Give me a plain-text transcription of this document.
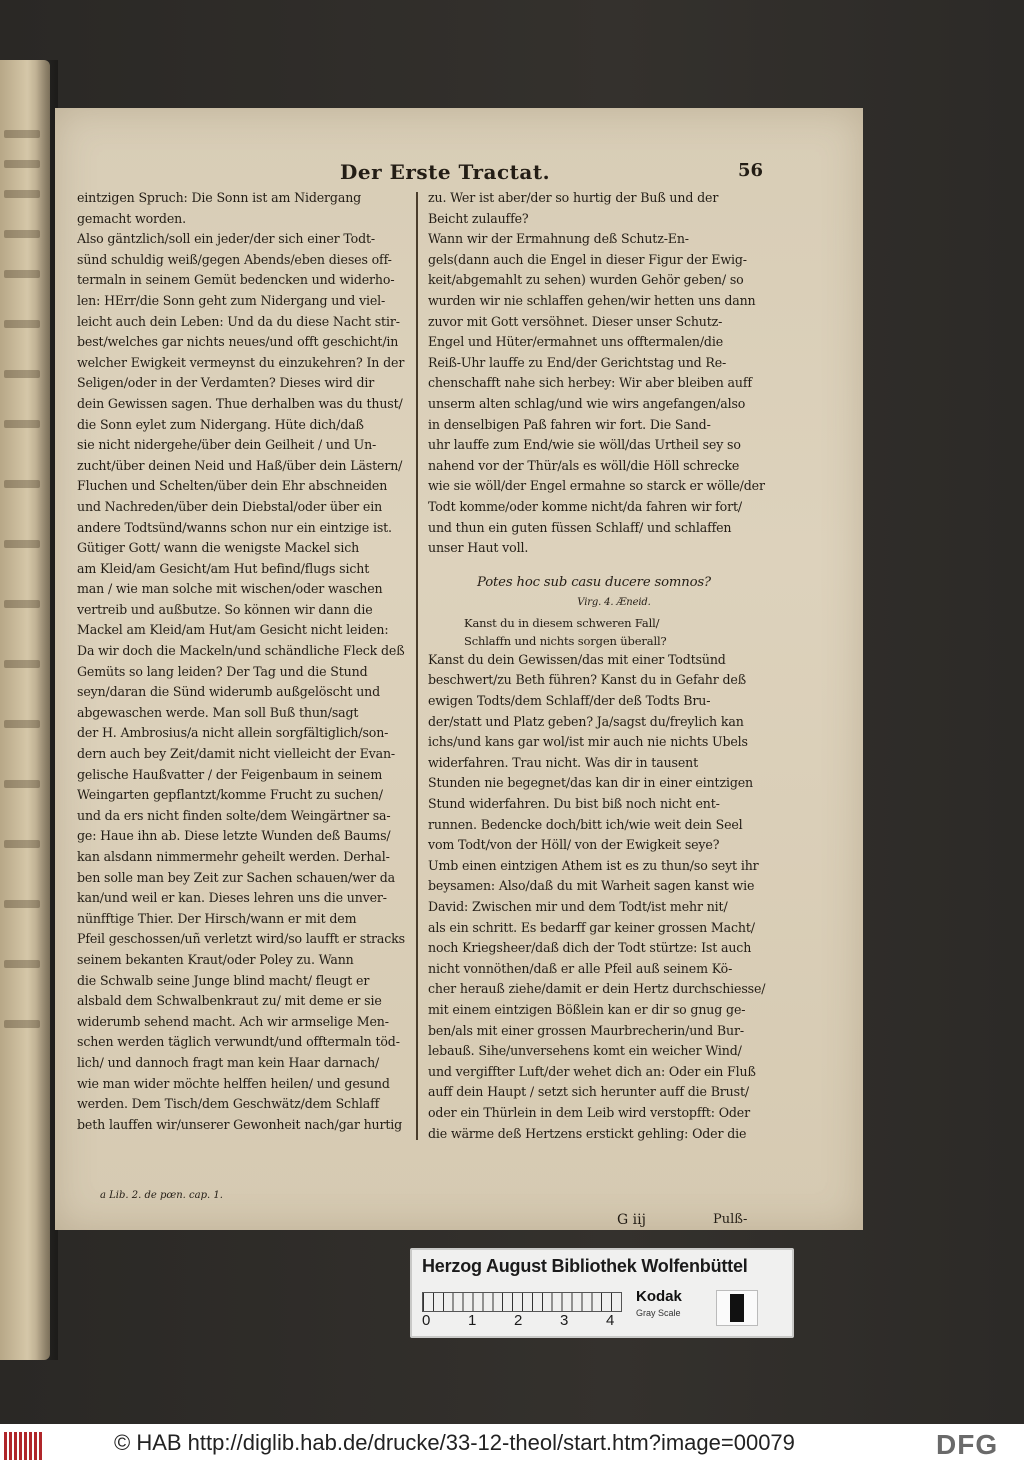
Der Erste Tractat.	56
eintzigen Spruch: Die Sonn ist am Nidergang
gemacht worden.
Also gäntzlich/soll ein jeder/der sich einer Todt-
sünd schuldig weiß/gegen Abends/eben dieses off-
termaln in seinem Gemüt bedencken und widerho-
len: HErr/die Sonn geht zum Nidergang und viel-
leicht auch dein Leben: Und da du diese Nacht stir-
best/welches gar nichts neues/und offt geschicht/in
welcher Ewigkeit vermeynst du einzukehren? In der
Seligen/oder in der Verdamten? Dieses wird dir
dein Gewissen sagen. Thue derhalben was du thust/
die Sonn eylet zum Nidergang. Hüte dich/daß
sie nicht nidergehe/über dein Geilheit / und Un-
zucht/über deinen Neid und Haß/über dein Lästern/
Fluchen und Schelten/über dein Ehr abschneiden
und Nachreden/über dein Diebstal/oder über ein
andere Todtsünd/wanns schon nur ein eintzige ist.
Gütiger Gott/ wann die wenigste Mackel sich
am Kleid/am Gesicht/am Hut befind/flugs sicht
man / wie man solche mit wischen/oder waschen
vertreib und außbutze. So können wir dann die
Mackel am Kleid/am Hut/am Gesicht nicht leiden:
Da wir doch die Mackeln/und schändliche Fleck deß
Gemüts so lang leiden? Der Tag und die Stund
seyn/daran die Sünd widerumb außgelöscht und
abgewaschen werde. Man soll Buß thun/sagt
der H. Ambrosius/a nicht allein sorgfältiglich/son-
dern auch bey Zeit/damit nicht vielleicht der Evan-
gelische Haußvatter / der Feigenbaum in seinem
Weingarten gepflantzt/komme Frucht zu suchen/
und da ers nicht finden solte/dem Weingärtner sa-
ge: Haue ihn ab. Diese letzte Wunden deß Baums/
kan alsdann nimmermehr geheilt werden. Derhal-
ben solle man bey Zeit zur Sachen schauen/wer da
kan/und weil er kan. Dieses lehren uns die unver-
nünfftige Thier. Der Hirsch/wann er mit dem
Pfeil geschossen/uñ verletzt wird/so laufft er stracks
seinem bekanten Kraut/oder Poley zu. Wann
die Schwalb seine Junge blind macht/ fleugt er
alsbald dem Schwalbenkraut zu/ mit deme er sie
widerumb sehend macht. Ach wir armselige Men-
schen werden täglich verwundt/und offtermaln töd-
lich/ und dannoch fragt man kein Haar darnach/
wie man wider möchte helffen heilen/ und gesund
werden. Dem Tisch/dem Geschwätz/dem Schlaff
beth lauffen wir/unserer Gewonheit nach/gar hurtig
zu. Wer ist aber/der so hurtig der Buß und der
Beicht zulauffe?
Wann wir der Ermahnung deß Schutz-En-
gels(dann auch die Engel in dieser Figur der Ewig-
keit/abgemahlt zu sehen) wurden Gehör geben/ so
wurden wir nie schlaffen gehen/wir hetten uns dann
zuvor mit Gott versöhnet. Dieser unser Schutz-
Engel und Hüter/ermahnet uns offtermalen/die
Reiß-Uhr lauffe zu End/der Gerichtstag und Re-
chenschafft nahe sich herbey: Wir aber bleiben auff
unserm alten schlag/und wie wirs angefangen/also
in denselbigen Paß fahren wir fort. Die Sand-
uhr lauffe zum End/wie sie wöll/das Urtheil sey so
nahend vor der Thür/als es wöll/die Höll schrecke
wie sie wöll/der Engel ermahne so starck er wölle/der
Todt komme/oder komme nicht/da fahren wir fort/
und thun ein guten füssen Schlaff/ und schlaffen
unser Haut voll.
Potes hoc sub casu ducere somnos?
Virg. 4. Æneid.
Kanst du in diesem schweren Fall/
Schlaffn und nichts sorgen überall?
Kanst du dein Gewissen/das mit einer Todtsünd
beschwert/zu Beth führen? Kanst du in Gefahr deß
ewigen Todts/dem Schlaff/der deß Todts Bru-
der/statt und Platz geben? Ja/sagst du/freylich kan
ichs/und kans gar wol/ist mir auch nie nichts Ubels
widerfahren. Trau nicht. Was dir in tausent
Stunden nie begegnet/das kan dir in einer eintzigen
Stund widerfahren. Du bist biß noch nicht ent-
runnen. Bedencke doch/bitt ich/wie weit dein Seel
vom Todt/von der Höll/ von der Ewigkeit seye?
Umb einen eintzigen Athem ist es zu thun/so seyt ihr
beysamen: Also/daß du mit Warheit sagen kanst wie
David: Zwischen mir und dem Todt/ist mehr nit/
als ein schritt. Es bedarff gar keiner grossen Macht/
noch Kriegsheer/daß dich der Todt stürtze: Ist auch
nicht vonnöthen/daß er alle Pfeil auß seinem Kö-
cher herauß ziehe/damit er dein Hertz durchschiesse/
mit einem eintzigen Bößlein kan er dir so gnug ge-
ben/als mit einer grossen Maurbrecherin/und Bur-
lebauß. Sihe/unversehens komt ein weicher Wind/
und vergiffter Luft/der wehet dich an: Oder ein Fluß
auff dein Haupt / setzt sich herunter auff die Brust/
oder ein Thürlein in dem Leib wird verstopfft: Oder
die wärme deß Hertzens erstickt gehling: Oder die
a Lib. 2. de pœn. cap. 1.
G iij	Pulß-
Herzog August Bibliothek Wolfenbüttel
0	1	2	3	4
Kodak
Gray Scale
© HAB http://diglib.hab.de/drucke/33-12-theol/start.htm?image=00079	DFG
